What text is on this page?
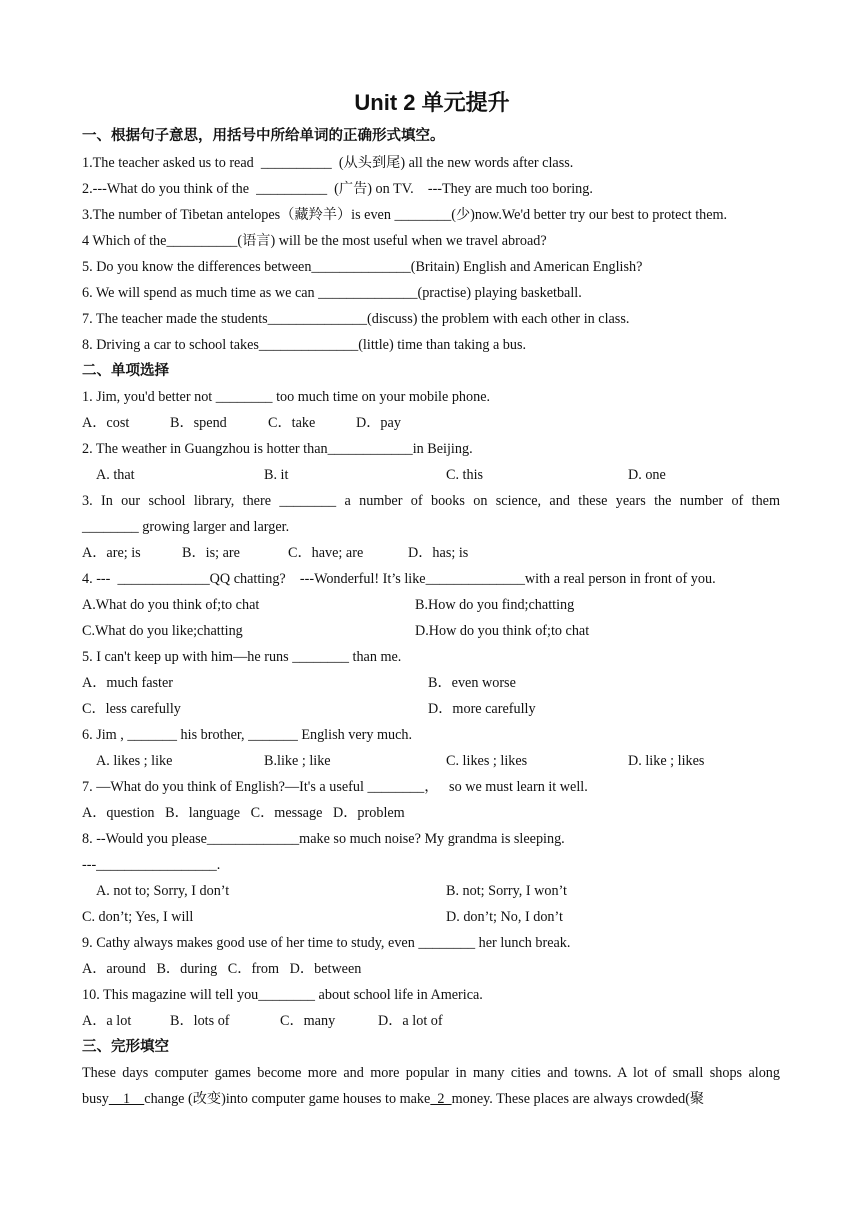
Unit 2 单元提升
一、根据句子意思，用括号中所给单词的正确形式填空。
1.The teacher asked us to read  __________  (从头到尾) all the new words after class.
2.---What do you think of the  __________  (广告) on TV.    ---They are much too boring.
3.The number of Tibetan antelopes（藏羚羊）is even ________(少)now.We'd better try our best to protect them.
4 Which of the__________(语言) will be the most useful when we travel abroad?
5. Do you know the differences between______________(Britain) English and American English?
6. We will spend as much time as we can ______________(practise) playing basketball.
7. The teacher made the students______________(discuss) the problem with each other in class.
8. Driving a car to school takes______________(little) time than taking a bus.
二、单项选择
1. Jim, you'd better not ________ too much time on your mobile phone.
A．cost	B．spend	C．take	D．pay
2. The weather in Guangzhou is hotter than____________in Beijing.
A. that	B. it	C. this	D. one
3. In our school library, there ________ a number of books on science, and these years the number of them
________ growing larger and larger.
A．are; is	B．is; are	C．have; are	D．has; is
4. ---  _____________QQ chatting?    ---Wonderful! It’s like______________with a real person in front of you.
A.What do you think of;to chat	B.How do you find;chatting
C.What do you like;chatting	D.How do you think of;to chat
5. I can't keep up with him—he runs ________ than me.
A．much faster	B．even worse
C．less carefully	D．more carefully
6. Jim , _______ his brother, _______ English very much.
A. likes ; like	B.like ; like	C. likes ; likes	D. like ; likes
7. —What do you think of English?—It's a useful ________，   so we must learn it well.
A．question   B．language   C．message   D．problem
8. --Would you please_____________make so much noise? My grandma is sleeping.
---_________________.
A. not to; Sorry, I don’t	B. not; Sorry, I won’t
C. don’t; Yes, I will	D. don’t; No, I don’t
9. Cathy always makes good use of her time to study, even ________ her lunch break.
A．around   B．during   C．from   D．between
10. This magazine will tell you________ about school life in America.
A．a lot	B．lots of	C．many	D．a lot of
三、完形填空
These days computer games become more and more popular in many cities and towns. A lot of small shops along
busy    1    change (改变)into computer game houses to make  2  money. These places are always crowded(聚
